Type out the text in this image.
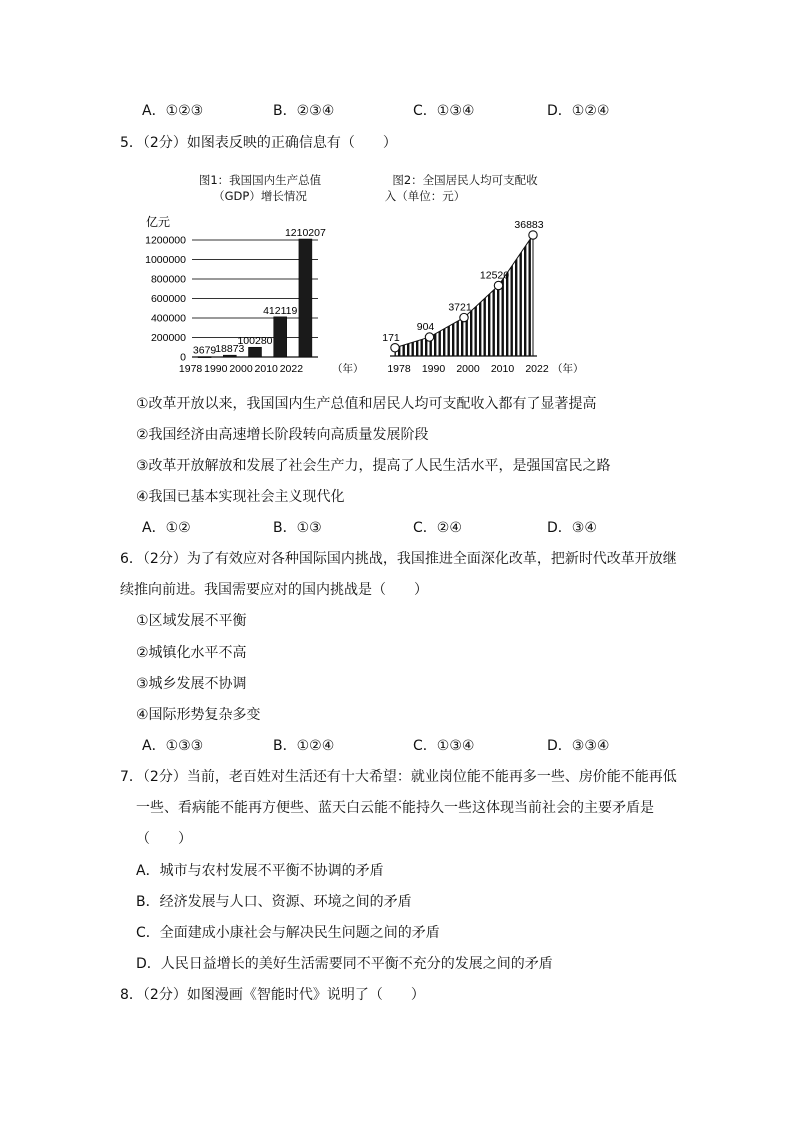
A．①②③	B．②③④	C．①③④	D．①②④
5．（2分）如图表反映的正确信息有（　　）
图1：我国国内生产总值
（GDP）增长情况
图2：全国居民人均可支配收
入（单位：元）
亿元
0
200000
400000
600000
800000
1000000
1200000
3679
18873
100280
412119
1210207
1978 1990 2000 2010 2022	（年）
171
904
3721
12520
36883
1978 1990 2000 2010 2022 （年）
①改革开放以来，我国国内生产总值和居民人均可支配收入都有了显著提高
②我国经济由高速增长阶段转向高质量发展阶段
③改革开放解放和发展了社会生产力，提高了人民生活水平，是强国富民之路
④我国已基本实现社会主义现代化
A．①②	B．①③	C．②④	D．③④
6．（2分）为了有效应对各种国际国内挑战，我国推进全面深化改革，把新时代改革开放继
续推向前进。我国需要应对的国内挑战是（　　）
①区域发展不平衡
②城镇化水平不高
③城乡发展不协调
④国际形势复杂多变
A．①③③	B．①②④	C．①③④	D．③③④
7．（2分）当前，老百姓对生活还有十大希望：就业岗位能不能再多一些、房价能不能再低
一些、看病能不能再方便些、蓝天白云能不能持久一些这体现当前社会的主要矛盾是
（　　）
A．城市与农村发展不平衡不协调的矛盾
B．经济发展与人口、资源、环境之间的矛盾
C．全面建成小康社会与解决民生问题之间的矛盾
D．人民日益增长的美好生活需要同不平衡不充分的发展之间的矛盾
8．（2分）如图漫画《智能时代》说明了（　　）
